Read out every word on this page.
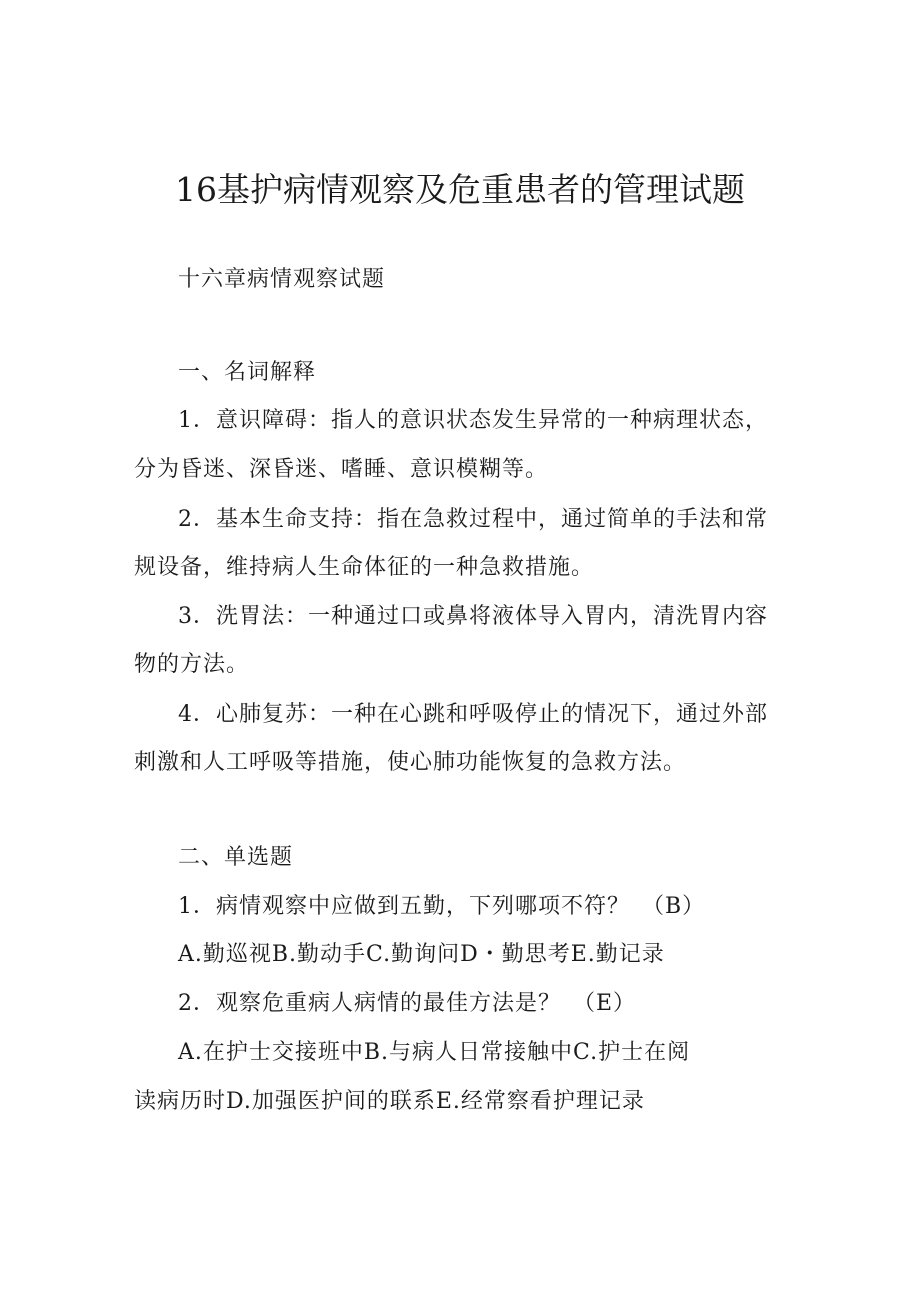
16基护病情观察及危重患者的管理试题
十六章病情观察试题
一、名词解释
1．意识障碍：指人的意识状态发生异常的一种病理状态，
分为昏迷、深昏迷、嗜睡、意识模糊等。
2．基本生命支持：指在急救过程中，通过简单的手法和常
规设备，维持病人生命体征的一种急救措施。
3．洗胃法：一种通过口或鼻将液体导入胃内，清洗胃内容
物的方法。
4．心肺复苏：一种在心跳和呼吸停止的情况下，通过外部
刺激和人工呼吸等措施，使心肺功能恢复的急救方法。
二、单选题
1．病情观察中应做到五勤，下列哪项不符？　（B）
A.勤巡视B.勤动手C.勤询问D・勤思考E.勤记录
2．观察危重病人病情的最佳方法是？　（E）
A.在护士交接班中B.与病人日常接触中C.护士在阅
读病历时D.加强医护间的联系E.经常察看护理记录
